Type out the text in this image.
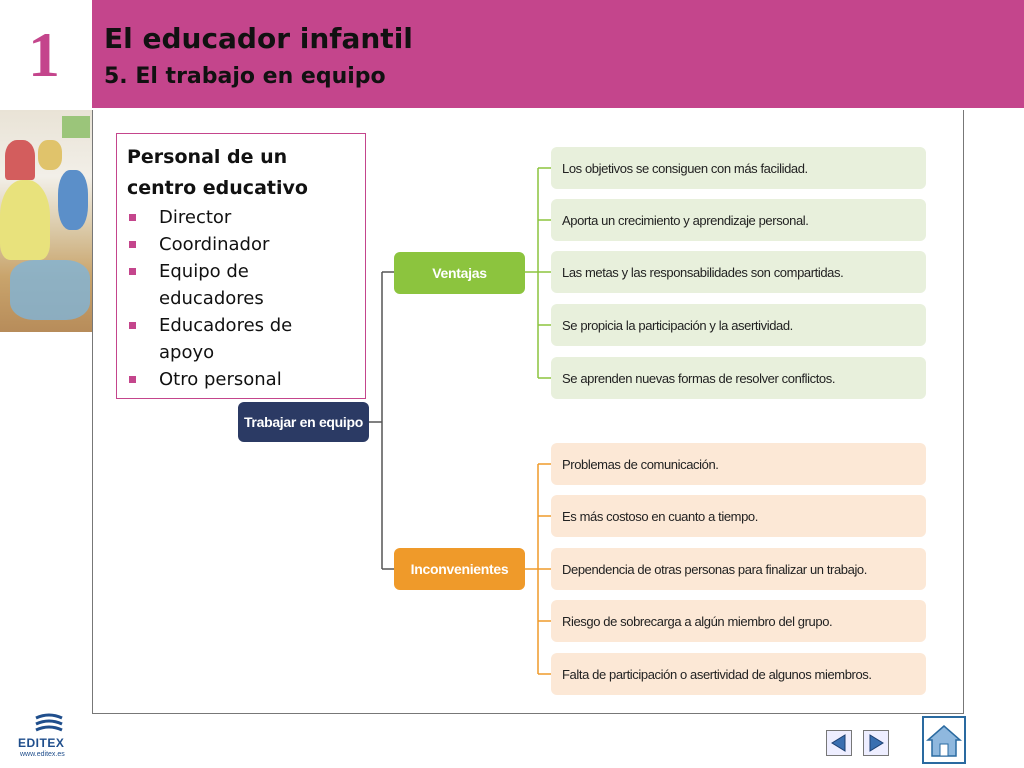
1 El educador infantil
5. El trabajo en equipo
Personal de un
centro educativo
Director
Coordinador
Equipo de
educadores
Educadores de
apoyo
Otro personal
Trabajar en equipo
Ventajas
Inconvenientes
Los objetivos se consiguen con más facilidad.
Aporta un crecimiento y aprendizaje personal.
Las metas y las responsabilidades son compartidas.
Se propicia la participación y la asertividad.
Se aprenden nuevas formas de resolver conflictos.
Problemas de comunicación.
Es más costoso en cuanto a tiempo.
Dependencia de otras personas para finalizar un trabajo.
Riesgo de sobrecarga a algún miembro del grupo.
Falta de participación o asertividad de algunos miembros.
EDITEX
www.editex.es
